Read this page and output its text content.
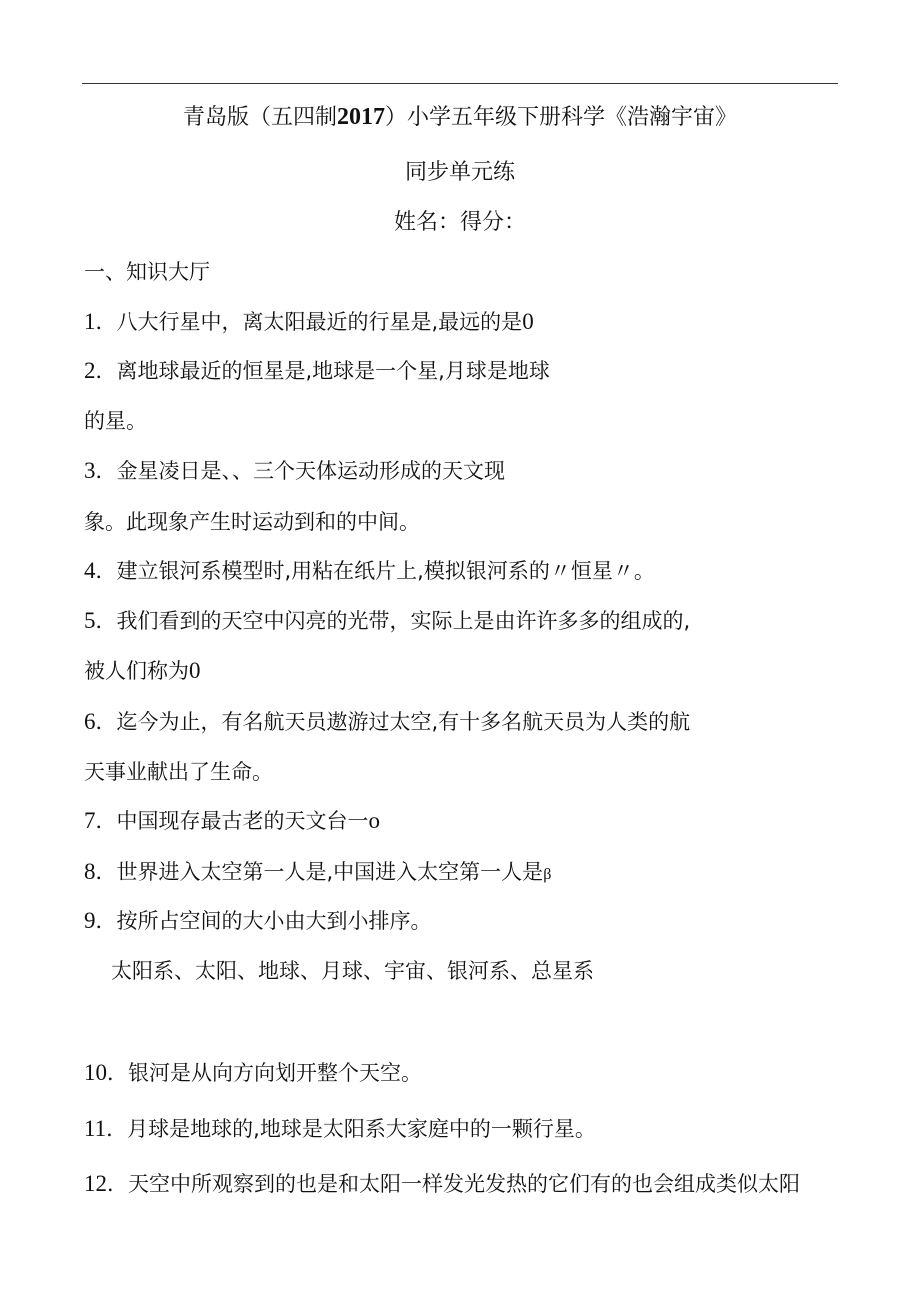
青岛版（五四制2017）小学五年级下册科学《浩瀚宇宙》
同步单元练
姓名：得分：
一、知识大厅
1．八大行星中，离太阳最近的行星是,最远的是0
2．离地球最近的恒星是,地球是一个星,月球是地球
的星。
3．金星凌日是、、三个天体运动形成的天文现
象。此现象产生时运动到和的中间。
4．建立银河系模型时,用粘在纸片上,模拟银河系的〃恒星〃。
5．我们看到的天空中闪亮的光带，实际上是由许许多多的组成的,
被人们称为0
6．迄今为止，有名航天员遨游过太空,有十多名航天员为人类的航
天事业献出了生命。
7．中国现存最古老的天文台一o
8．世界进入太空第一人是,中国进入太空第一人是β
9．按所占空间的大小由大到小排序。
太阳系、太阳、地球、月球、宇宙、银河系、总星系
10．银河是从向方向划开整个天空。
11．月球是地球的,地球是太阳系大家庭中的一颗行星。
12．天空中所观察到的也是和太阳一样发光发热的它们有的也会组成类似太阳
